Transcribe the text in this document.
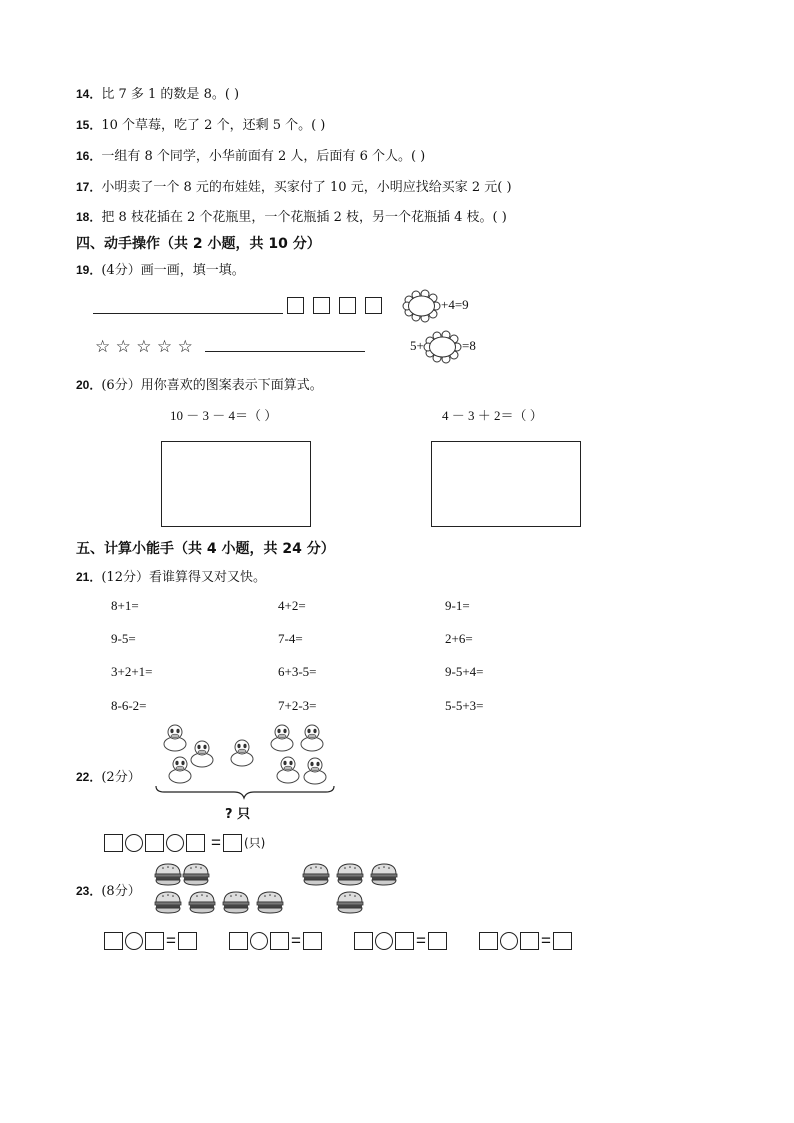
14．比 7 多 1 的数是 8。( )
15．10 个草莓，吃了 2 个，还剩 5 个。( )
16．一组有 8 个同学，小华前面有 2 人，后面有 6 个人。( )
17．小明卖了一个 8 元的布娃娃，买家付了 10 元，小明应找给买家 2 元( )
18．把 8 枝花插在 2 个花瓶里，一个花瓶插 2 枝，另一个花瓶插 4 枝。( )
四、动手操作（共 2 小题，共 10 分）
19．(4分）画一画，填一填。

+4=9
☆ ☆ ☆ ☆ ☆	5+	=8
20．(6分）用你喜欢的图案表示下面算式。
10 － 3 － 4＝（ ）	4 － 3 ＋ 2＝（ ）
五、计算小能手（共 4 小题，共 24 分）
21．(12分）看谁算得又对又快。
8+1=	4+2=	9-1=
9-5=	7-4=	2+6=
3+2+1=	6+3-5=	9-5+4=
8-6-2=	7+2-3=	5-5+3=
22．(2分）
? 只
= (只)
23．(8分）
=	=	=	=
